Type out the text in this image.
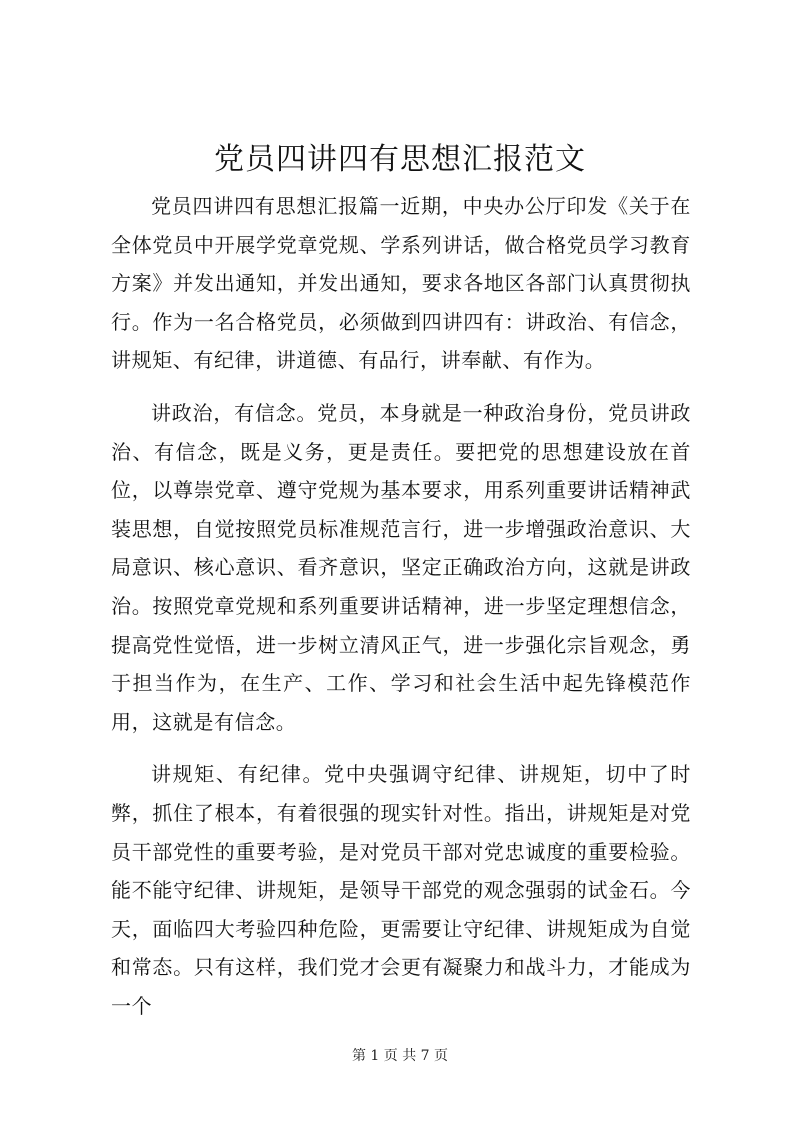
党员四讲四有思想汇报范文

党员四讲四有思想汇报篇一近期，中央办公厅印发《关于在全体党员中开展学党章党规、学系列讲话，做合格党员学习教育方案》并发出通知，并发出通知，要求各地区各部门认真贯彻执行。作为一名合格党员，必须做到四讲四有：讲政治、有信念，讲规矩、有纪律，讲道德、有品行，讲奉献、有作为。

讲政治，有信念。党员，本身就是一种政治身份，党员讲政治、有信念，既是义务，更是责任。要把党的思想建设放在首位，以尊崇党章、遵守党规为基本要求，用系列重要讲话精神武装思想，自觉按照党员标准规范言行，进一步增强政治意识、大局意识、核心意识、看齐意识，坚定正确政治方向，这就是讲政治。按照党章党规和系列重要讲话精神，进一步坚定理想信念，提高党性觉悟，进一步树立清风正气，进一步强化宗旨观念，勇于担当作为，在生产、工作、学习和社会生活中起先锋模范作用，这就是有信念。

讲规矩、有纪律。党中央强调守纪律、讲规矩，切中了时弊，抓住了根本，有着很强的现实针对性。指出，讲规矩是对党员干部党性的重要考验，是对党员干部对党忠诚度的重要检验。能不能守纪律、讲规矩，是领导干部党的观念强弱的试金石。今天，面临四大考验四种危险，更需要让守纪律、讲规矩成为自觉和常态。只有这样，我们党才会更有凝聚力和战斗力，才能成为一个

第 1 页 共 7 页
